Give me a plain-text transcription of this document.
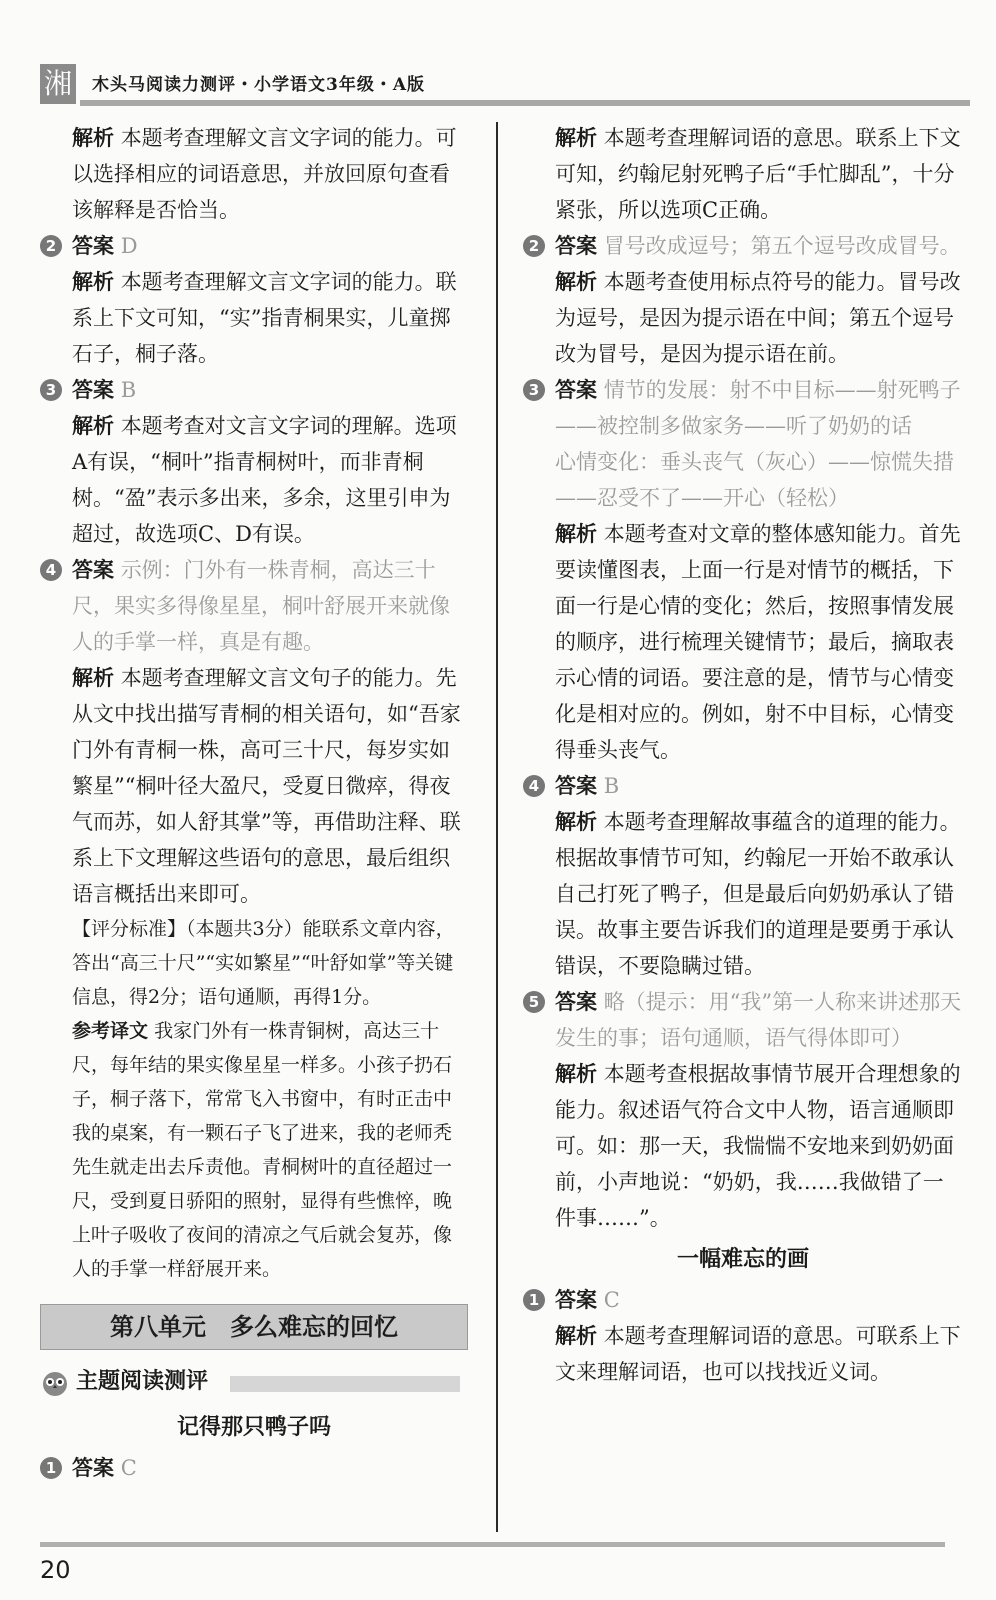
湘 木头马阅读力测评・小学语文3年级・A版

解析 本题考查理解文言文字词的能力。可以选择相应的词语意思，并放回原句查看该解释是否恰当。

2 答案 D

解析 本题考查理解文言文字词的能力。联系上下文可知，“实”指青桐果实，儿童掷石子，桐子落。

3 答案 B

解析 本题考查对文言文字词的理解。选项A有误，“桐叶”指青桐树叶，而非青桐树。“盈”表示多出来，多余，这里引申为超过，故选项C、D有误。

4 答案 示例：门外有一株青桐，高达三十尺，果实多得像星星，桐叶舒展开来就像人的手掌一样，真是有趣。

解析 本题考查理解文言文句子的能力。先从文中找出描写青桐的相关语句，如“吾家门外有青桐一株，高可三十尺，每岁实如繁星”“桐叶径大盈尺，受夏日微瘁，得夜气而苏，如人舒其掌”等，再借助注释、联系上下文理解这些语句的意思，最后组织语言概括出来即可。

【评分标准】（本题共3分）能联系文章内容，答出“高三十尺”“实如繁星”“叶舒如掌”等关键信息，得2分；语句通顺，再得1分。

参考译文 我家门外有一株青铜树，高达三十尺，每年结的果实像星星一样多。小孩子扔石子，桐子落下，常常飞入书窗中，有时正击中我的桌案，有一颗石子飞了进来，我的老师秃先生就走出去斥责他。青桐树叶的直径超过一尺，受到夏日骄阳的照射，显得有些憔悴，晚上叶子吸收了夜间的清凉之气后就会复苏，像人的手掌一样舒展开来。

第八单元　多么难忘的回忆
主题阅读测评
记得那只鸭子吗

1 答案 C

解析 本题考查理解词语的意思。联系上下文可知，约翰尼射死鸭子后“手忙脚乱”，十分紧张，所以选项C正确。

2 答案 冒号改成逗号；第五个逗号改成冒号。

解析 本题考查使用标点符号的能力。冒号改为逗号，是因为提示语在中间；第五个逗号改为冒号，是因为提示语在前。

3 答案 情节的发展：射不中目标——射死鸭子——被控制多做家务——听了奶奶的话

心情变化：垂头丧气（灰心）——惊慌失措——忍受不了——开心（轻松）

解析 本题考查对文章的整体感知能力。首先要读懂图表，上面一行是对情节的概括，下面一行是心情的变化；然后，按照事情发展的顺序，进行梳理关键情节；最后，摘取表示心情的词语。要注意的是，情节与心情变化是相对应的。例如，射不中目标，心情变得垂头丧气。

4 答案 B

解析 本题考查理解故事蕴含的道理的能力。根据故事情节可知，约翰尼一开始不敢承认自己打死了鸭子，但是最后向奶奶承认了错误。故事主要告诉我们的道理是要勇于承认错误，不要隐瞒过错。

5 答案 略（提示：用“我”第一人称来讲述那天发生的事；语句通顺，语气得体即可）

解析 本题考查根据故事情节展开合理想象的能力。叙述语气符合文中人物，语言通顺即可。如：那一天，我惴惴不安地来到奶奶面前，小声地说：“奶奶，我……我做错了一件事……”。

一幅难忘的画

1 答案 C

解析 本题考查理解词语的意思。可联系上下文来理解词语，也可以找找近义词。

20
